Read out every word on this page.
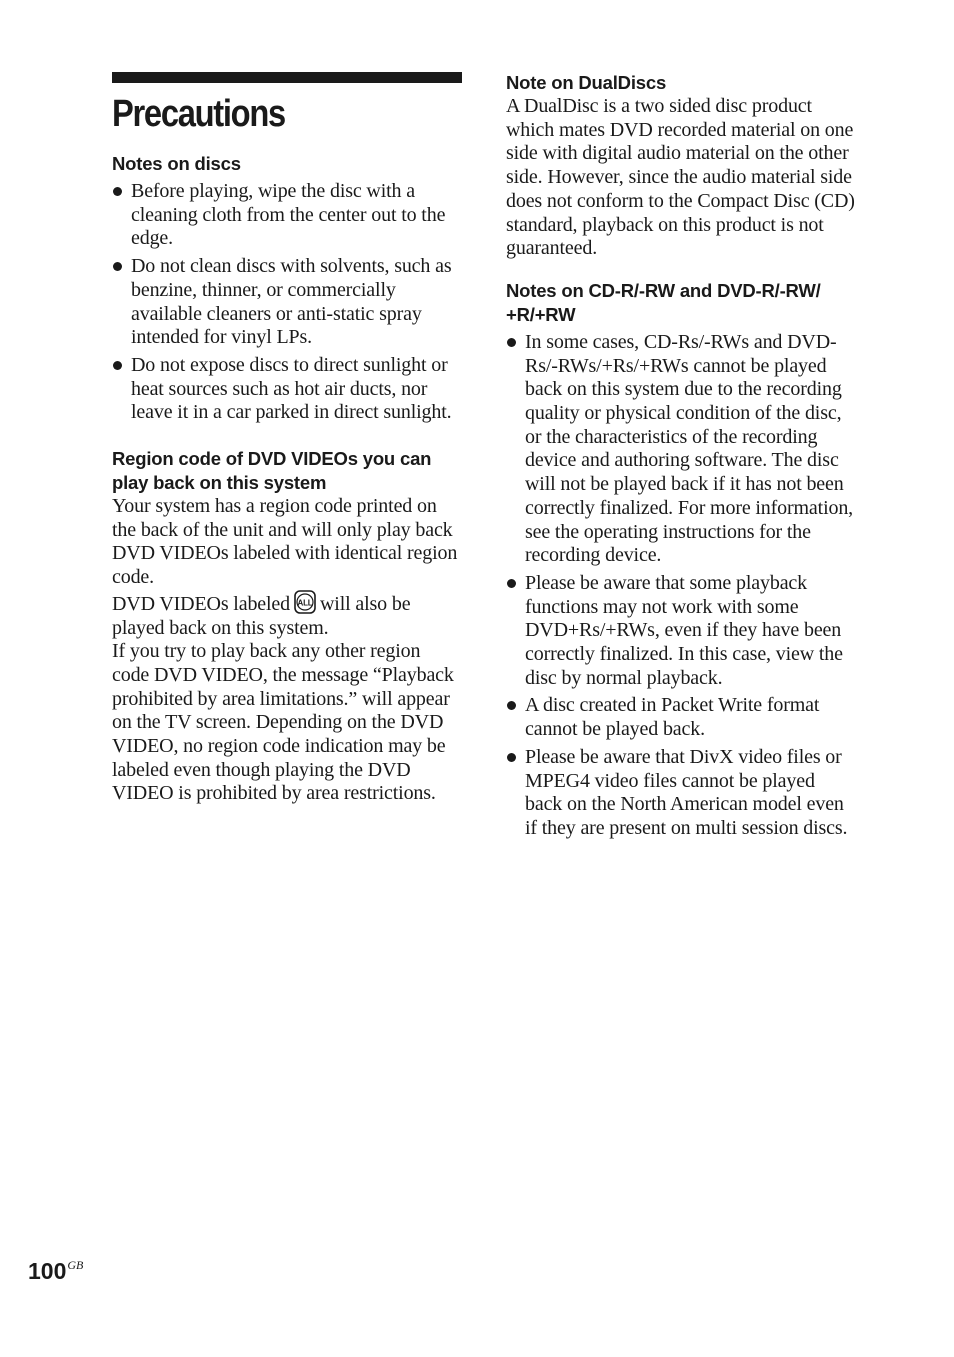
Precautions
Notes on discs
Before playing, wipe the disc with a cleaning cloth from the center out to the edge.
Do not clean discs with solvents, such as benzine, thinner, or commercially available cleaners or anti-static spray intended for vinyl LPs.
Do not expose discs to direct sunlight or heat sources such as hot air ducts, nor leave it in a car parked in direct sunlight.
Region code of DVD VIDEOs you can play back on this system

Your system has a region code printed on the back of the unit and will only play back DVD VIDEOs labeled with identical region code.

DVD VIDEOs labeled ALL will also be played back on this system.

If you try to play back any other region code DVD VIDEO, the message “Playback prohibited by area limitations.” will appear on the TV screen. Depending on the DVD VIDEO, no region code indication may be labeled even though playing the DVD VIDEO is prohibited by area restrictions.

Note on DualDiscs

A DualDisc is a two sided disc product which mates DVD recorded material on one side with digital audio material on the other side. However, since the audio material side does not conform to the Compact Disc (CD) standard, playback on this product is not guaranteed.

Notes on CD-R/-RW and DVD-R/-RW/ +R/+RW
In some cases, CD-Rs/-RWs and DVD-Rs/-RWs/+Rs/+RWs cannot be played back on this system due to the recording quality or physical condition of the disc, or the characteristics of the recording device and authoring software. The disc will not be played back if it has not been correctly finalized. For more information, see the operating instructions for the recording device.
Please be aware that some playback functions may not work with some DVD+Rs/+RWs, even if they have been correctly finalized. In this case, view the disc by normal playback.
A disc created in Packet Write format cannot be played back.
Please be aware that DivX video files or MPEG4 video files cannot be played back on the North American model even if they are present on multi session discs.
$100^{GB}$
